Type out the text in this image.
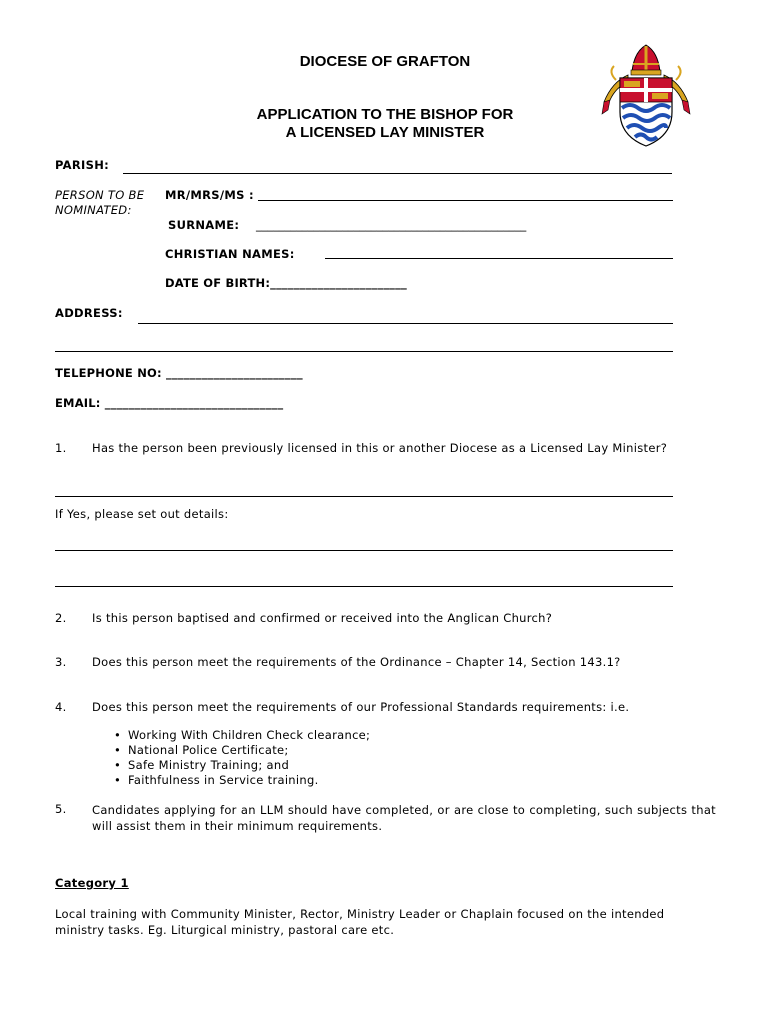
DIOCESE OF GRAFTON
APPLICATION TO THE BISHOP FOR
A LICENSED LAY MINISTER
PARISH:
PERSON TO BE
NOMINATED:
MR/MRS/MS :
SURNAME: _______________________________________________
CHRISTIAN NAMES:
DATE OF BIRTH:_______________________
ADDRESS:
TELEPHONE NO: _______________________
EMAIL: ______________________________
1. Has the person been previously licensed in this or another Diocese as a Licensed Lay Minister?
If Yes, please set out details:
2. Is this person baptised and confirmed or received into the Anglican Church?
3. Does this person meet the requirements of the Ordinance – Chapter 14, Section 143.1?
4. Does this person meet the requirements of our Professional Standards requirements: i.e.
• Working With Children Check clearance;
• National Police Certificate;
• Safe Ministry Training; and
• Faithfulness in Service training.
5. Candidates applying for an LLM should have completed, or are close to completing, such subjects that will assist them in their minimum requirements.
Category 1
Local training with Community Minister, Rector, Ministry Leader or Chaplain focused on the intended ministry tasks. Eg. Liturgical ministry, pastoral care etc.
